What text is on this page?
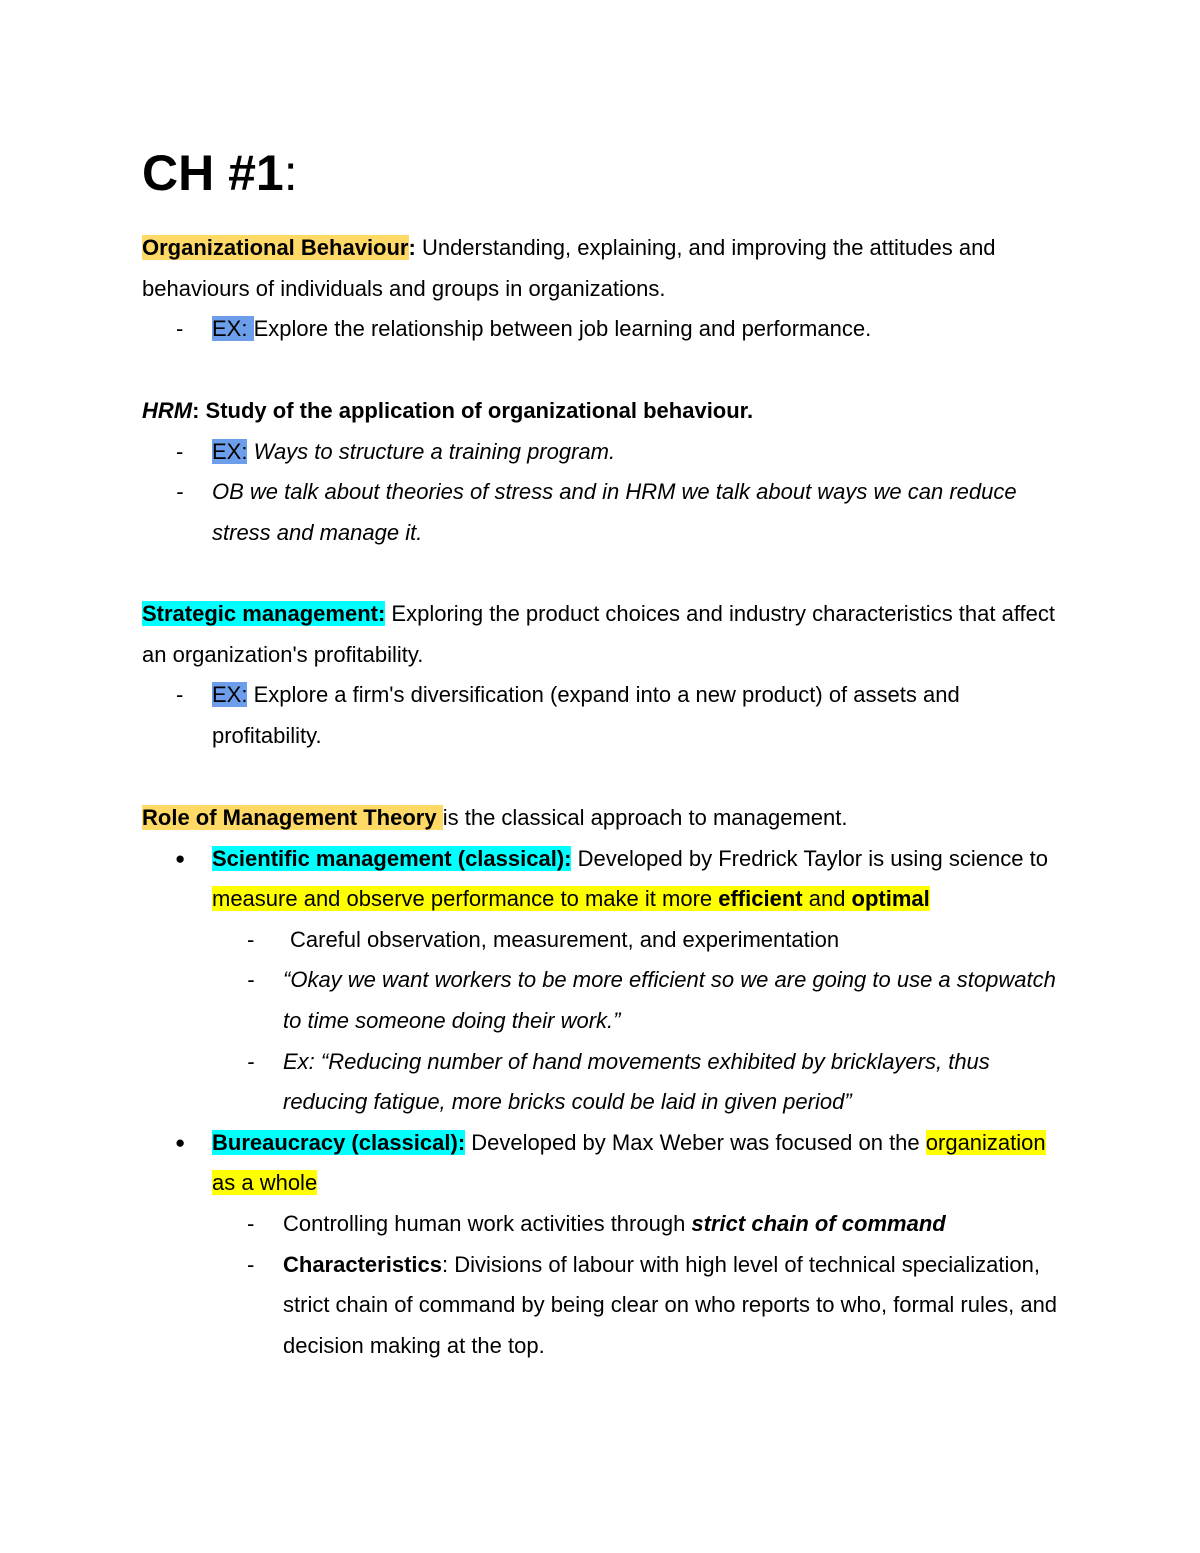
CH #1:

Organizational Behaviour: Understanding, explaining, and improving the attitudes and behaviours of individuals and groups in organizations.

- EX: Explore the relationship between job learning and performance.

HRM: Study of the application of organizational behaviour.

- EX: Ways to structure a training program.
- OB we talk about theories of stress and in HRM we talk about ways we can reduce stress and manage it.

Strategic management: Exploring the product choices and industry characteristics that affect an organization's profitability.

- EX: Explore a firm's diversification (expand into a new product) of assets and profitability.

Role of Management Theory is the classical approach to management.

● Scientific management (classical): Developed by Fredrick Taylor is using science to measure and observe performance to make it more efficient and optimal
- Careful observation, measurement, and experimentation
- “Okay we want workers to be more efficient so we are going to use a stopwatch to time someone doing their work.”
- Ex: “Reducing number of hand movements exhibited by bricklayers, thus reducing fatigue, more bricks could be laid in given period”
● Bureaucracy (classical): Developed by Max Weber was focused on the organization as a whole
- Controlling human work activities through strict chain of command
- Characteristics: Divisions of labour with high level of technical specialization, strict chain of command by being clear on who reports to who, formal rules, and decision making at the top.
